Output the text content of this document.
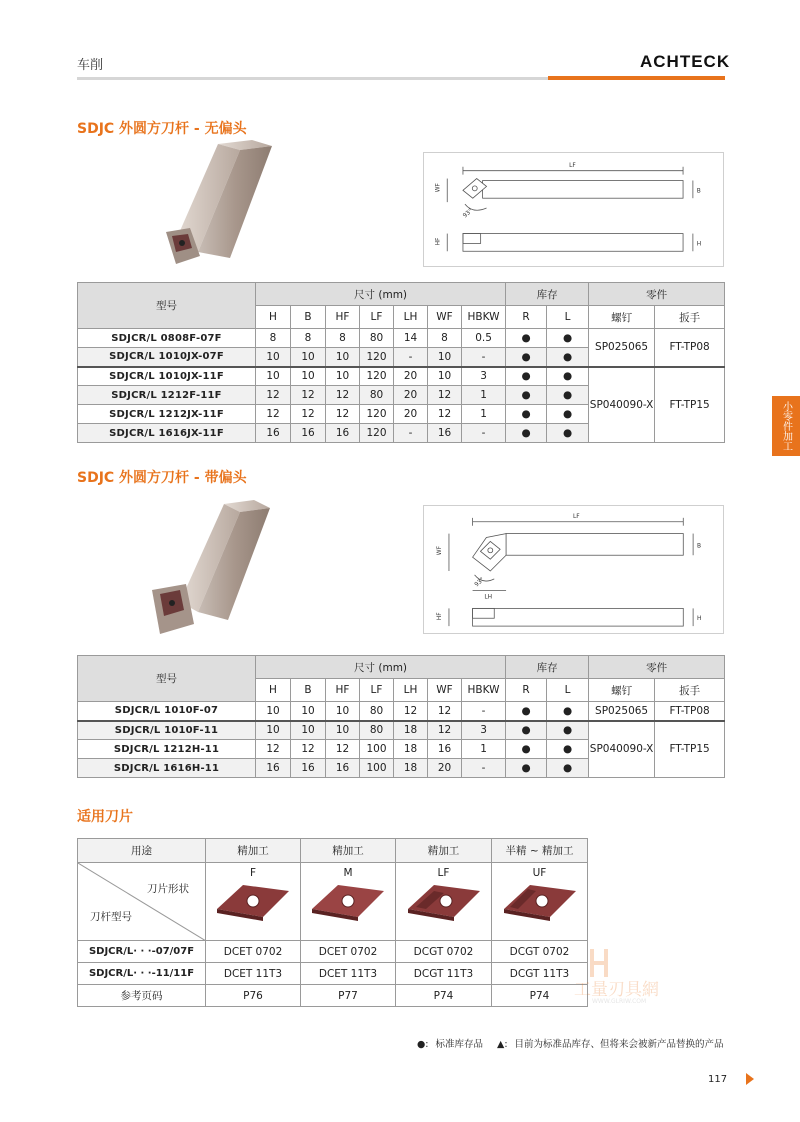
车削	ACHTECK
SDJC 外圆方刀杆 - 无偏头
LF
WF	B
93°
HF	H
型号	尺寸 (mm)							库存		零件	
	H	B	HF	LF	LH	WF	HBKW	R	L	螺钉	扳手
SDJCR/L 0808F-07F	8	8	8	80	14	8	0.5	●	●	SP025065	FT-TP08
SDJCR/L 1010JX-07F	10	10	10	120	-	10	-	●	●		
SDJCR/L 1010JX-11F	10	10	10	120	20	10	3	●	●	SP040090-X	FT-TP15
SDJCR/L 1212F-11F	12	12	12	80	20	12	1	●	●		
SDJCR/L 1212JX-11F	12	12	12	120	20	12	1	●	●		
SDJCR/L 1616JX-11F	16	16	16	120	-	16	-	●	●		
SDJC 外圆方刀杆 - 带偏头
LF
WF	B
93°
LH
HF	H
型号	尺寸 (mm)							库存		零件	
	H	B	HF	LF	LH	WF	HBKW	R	L	螺钉	扳手
SDJCR/L 1010F-07	10	10	10	80	12	12	-	●	●	SP025065	FT-TP08
SDJCR/L 1010F-11	10	10	10	80	18	12	3	●	●	SP040090-X	FT-TP15
SDJCR/L 1212H-11	12	12	12	100	18	16	1	●	●		
SDJCR/L 1616H-11	16	16	16	100	18	20	-	●	●		
适用刀片
用途	精加工	精加工	精加工	半精 ~ 精加工

刀片形状
刀杆型号	F	M	LF	UF

SDJCR/L· · ·-07/07F	DCET 0702	DCET 0702	DCGT 0702	DCGT 0702
SDJCR/L· · ·-11/11F	DCET 11T3	DCET 11T3	DCGT 11T3	DCGT 11T3
参考页码	P76	P77	P74	P74 工量刃具網
WWW.GLRJW.COM
小零件加工
●: 标准库存品 ▲: 目前为标准品库存、但将来会被新产品替换的产品
117
